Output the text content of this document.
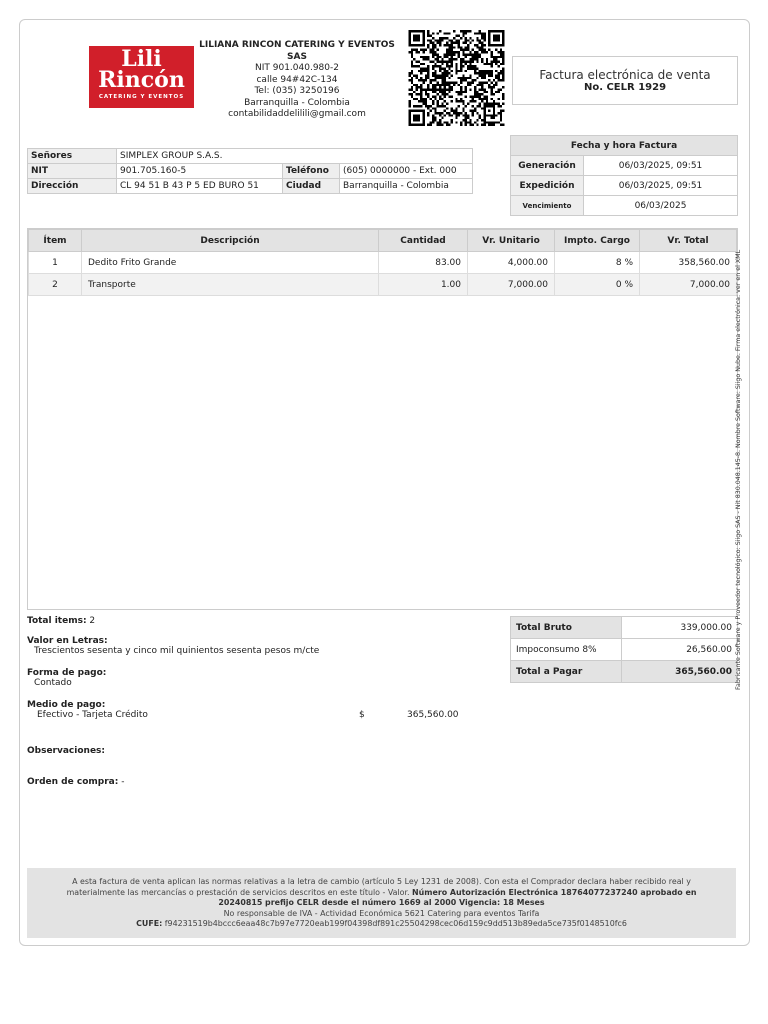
Lili
Rincón
CATERING Y EVENTOS
LILIANA RINCON CATERING Y EVENTOS SAS
NIT 901.040.980-2
calle 94#42C-134
Tel: (035) 3250196
Barranquilla - Colombia
contabilidaddelilili@gmail.com
Factura electrónica de venta
No. CELR 1929
Señores	SIMPLEX GROUP S.A.S.		
NIT	901.705.160-5	Teléfono	(605) 0000000 - Ext. 000
Dirección	CL 94 51 B 43 P 5 ED BURO 51	Ciudad	Barranquilla - Colombia
Fecha y hora Factura	
Generación	06/03/2025, 09:51
Expedición	06/03/2025, 09:51
Vencimiento	06/03/2025
Ítem	Descripción	Cantidad	Vr. Unitario	Impto. Cargo	Vr. Total
1	Dedito Frito Grande	83.00	4,000.00	8 %	358,560.00
2	Transporte	1.00	7,000.00	0 %	7,000.00
Total items: 2
Valor en Letras:
Trescientos sesenta y cinco mil quinientos sesenta pesos m/cte
Forma de pago:
Contado
Medio de pago:
Efectivo - Tarjeta Crédito	$	365,560.00
Observaciones:
Orden de compra: -
Total Bruto	339,000.00
Impoconsumo 8%	26,560.00
Total a Pagar	365,560.00
A esta factura de venta aplican las normas relativas a la letra de cambio (artículo 5 Ley 1231 de 2008). Con esta el Comprador declara haber recibido real y materialmente las mercancías o prestación de servicios descritos en este título - Valor. Número Autorización Electrónica 18764077237240 aprobado en 20240815 prefijo CELR desde el número 1669 al 2000 Vigencia: 18 Meses
No responsable de IVA - Actividad Económica 5621 Catering para eventos Tarifa
CUFE: f94231519b4bccc6eaa48c7b97e7720eab199f04398df891c25504298cec06d159c9dd513b89eda5ce735f0148510fc6
Fabricante Software y Proveedor tecnológico: Siigo SAS - Nit 830.048.145-8. Nombre Software: Siigo Nube. Firma electrónica: ver en el XML
